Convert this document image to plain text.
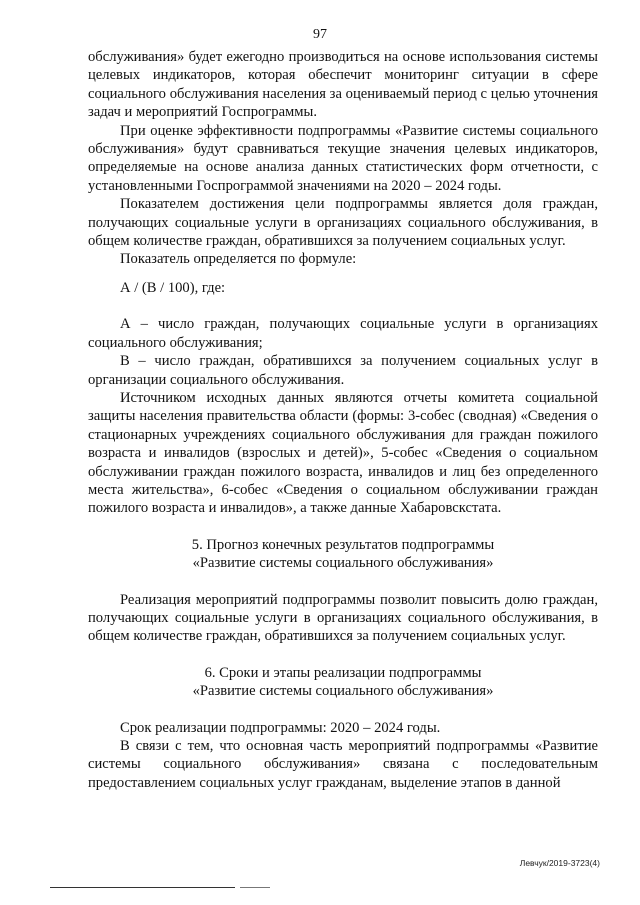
97

обслуживания» будет ежегодно производиться на основе использования системы целевых индикаторов, которая обеспечит мониторинг ситуации в сфере социального обслуживания населения за оцениваемый период с целью уточнения задач и мероприятий Госпрограммы.

При оценке эффективности подпрограммы «Развитие системы социального обслуживания» будут сравниваться текущие значения целевых индикаторов, определяемые на основе анализа данных статистических форм отчетности, с установленными Госпрограммой значениями на 2020 – 2024 годы.

Показателем достижения цели подпрограммы является доля граждан, получающих социальные услуги в организациях социального обслуживания, в общем количестве граждан, обратившихся за получением социальных услуг.

Показатель определяется по формуле:

А / (В / 100), где:

А – число граждан, получающих социальные услуги в организациях социального обслуживания;

В – число граждан, обратившихся за получением социальных услуг в организации социального обслуживания.

Источником исходных данных являются отчеты комитета социальной защиты населения правительства области (формы: 3-собес (сводная) «Сведения о стационарных учреждениях социального обслуживания для граждан пожилого возраста и инвалидов (взрослых и детей)», 5-собес «Сведения о социальном обслуживании граждан пожилого возраста, инвалидов и лиц без определенного места жительства», 6-собес «Сведения о социальном обслуживании граждан пожилого возраста и инвалидов», а также данные Хабаровскстата.

5. Прогноз конечных результатов подпрограммы

«Развитие системы социального обслуживания»

Реализация мероприятий подпрограммы позволит повысить долю граждан, получающих социальные услуги в организациях социального обслуживания, в общем количестве граждан, обратившихся за получением социальных услуг.

6. Сроки и этапы реализации подпрограммы

«Развитие системы социального обслуживания»

Срок реализации подпрограммы: 2020 – 2024 годы.

В связи с тем, что основная часть мероприятий подпрограммы «Развитие системы социального обслуживания» связана с последовательным предоставлением социальных услуг гражданам, выделение этапов в данной

Левчук/2019-3723(4)
